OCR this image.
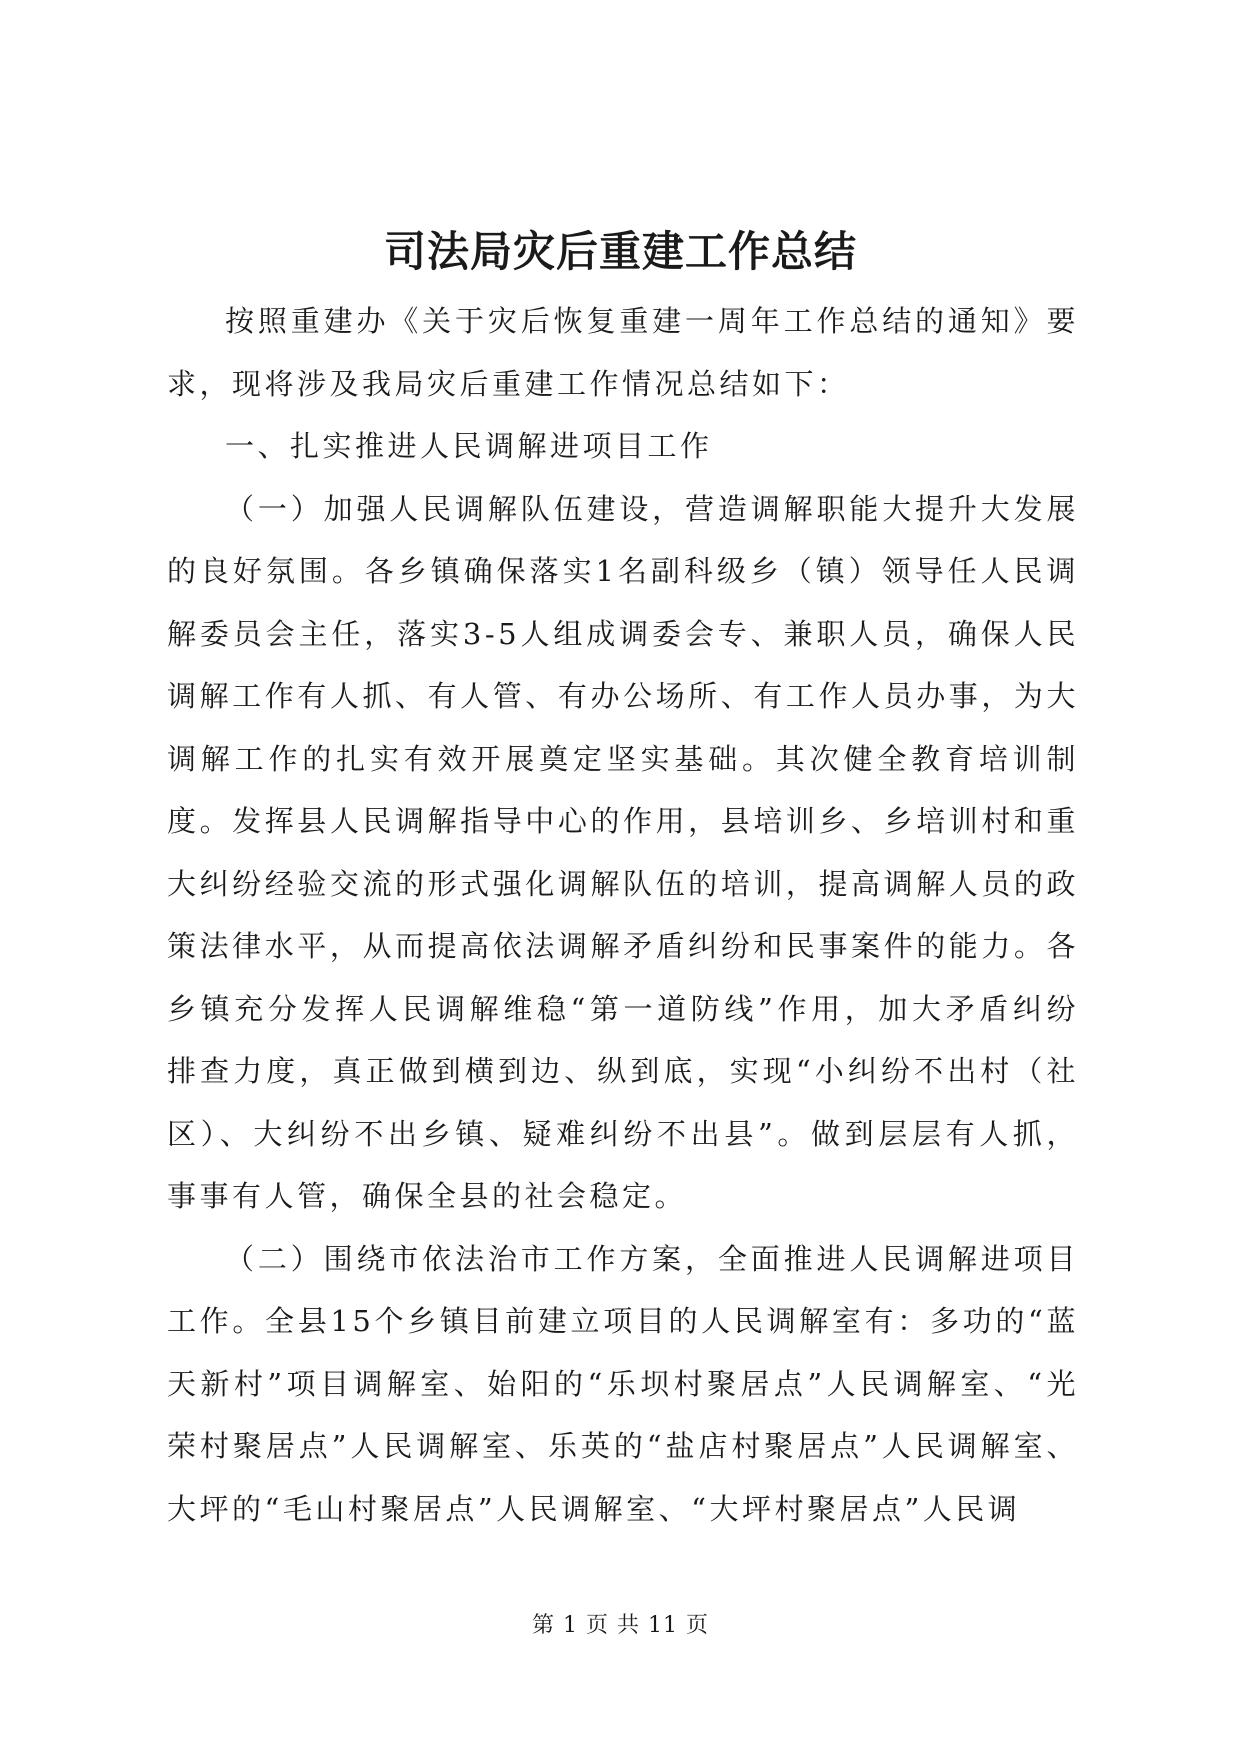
司法局灾后重建工作总结

按照重建办《关于灾后恢复重建一周年工作总结的通知》要求，现将涉及我局灾后重建工作情况总结如下：

一、扎实推进人民调解进项目工作

（一）加强人民调解队伍建设，营造调解职能大提升大发展的良好氛围。各乡镇确保落实1名副科级乡（镇）领导任人民调解委员会主任，落实3-5人组成调委会专、兼职人员，确保人民调解工作有人抓、有人管、有办公场所、有工作人员办事，为大调解工作的扎实有效开展奠定坚实基础。其次健全教育培训制度。发挥县人民调解指导中心的作用，县培训乡、乡培训村和重大纠纷经验交流的形式强化调解队伍的培训，提高调解人员的政策法律水平，从而提高依法调解矛盾纠纷和民事案件的能力。各乡镇充分发挥人民调解维稳“第一道防线”作用，加大矛盾纠纷排查力度，真正做到横到边、纵到底，实现“小纠纷不出村（社区）、大纠纷不出乡镇、疑难纠纷不出县”。做到层层有人抓，事事有人管，确保全县的社会稳定。

（二）围绕市依法治市工作方案，全面推进人民调解进项目工作。全县15个乡镇目前建立项目的人民调解室有：多功的“蓝天新村”项目调解室、始阳的“乐坝村聚居点”人民调解室、“光荣村聚居点”人民调解室、乐英的“盐店村聚居点”人民调解室、大坪的“毛山村聚居点”人民调解室、“大坪村聚居点”人民调

第 1 页 共 11 页
